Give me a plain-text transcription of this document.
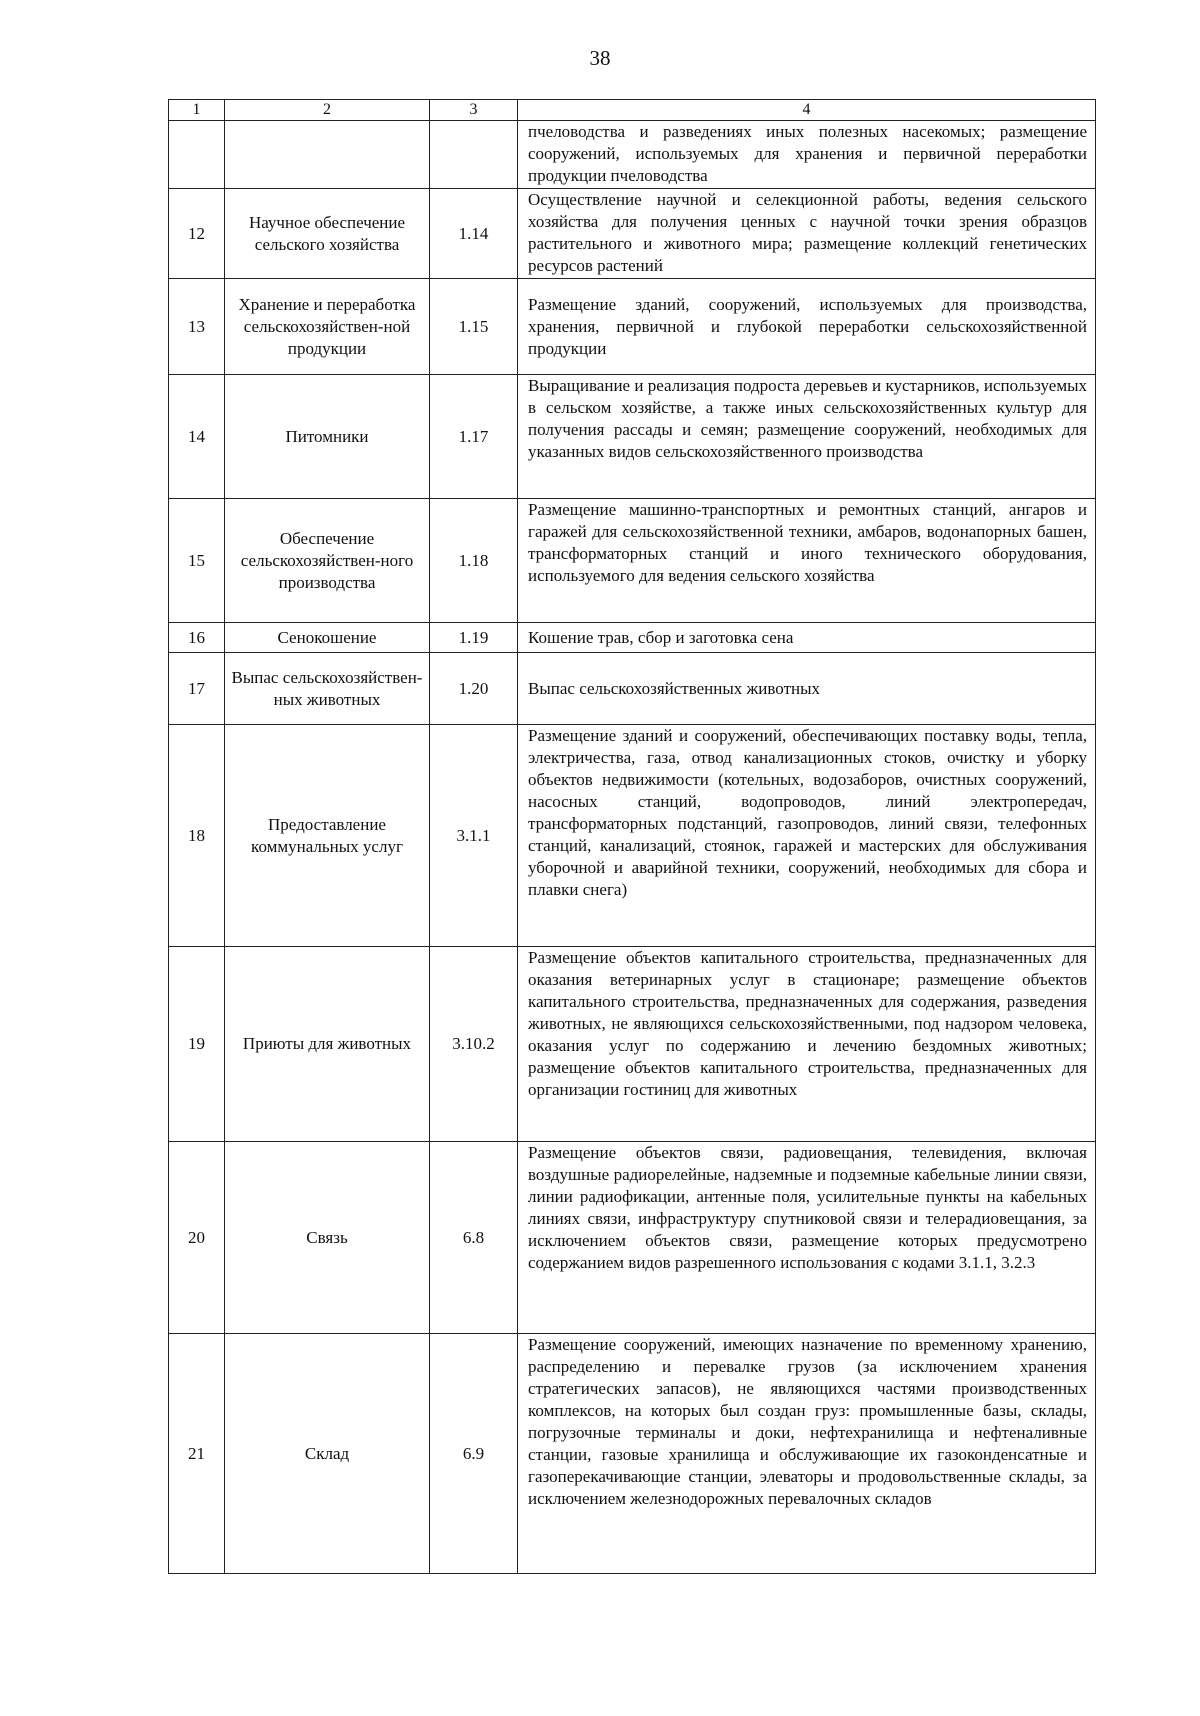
38
1	2	3	4
			пчеловодства и разведениях иных полезных насекомых; размещение сооружений, используемых для хранения и первичной переработки продукции пчеловодства
12	Научное обеспечение сельского хозяйства	1.14	Осуществление научной и селекционной работы, ведения сельского хозяйства для получения ценных с научной точки зрения образцов растительного и животного мира; размещение коллекций генетических ресурсов растений
13	Хранение и переработка сельскохозяйствен-ной продукции	1.15	Размещение зданий, сооружений, используемых для производства, хранения, первичной и глубокой переработки сельскохозяйственной продукции
14	Питомники	1.17	Выращивание и реализация подроста деревьев и кустарников, используемых в сельском хозяйстве, а также иных сельскохозяйственных культур для получения рассады и семян; размещение сооружений, необходимых для указанных видов сельскохозяйственного производства
15	Обеспечение сельскохозяйствен-ного производства	1.18	Размещение машинно-транспортных и ремонтных станций, ангаров и гаражей для сельскохозяйственной техники, амбаров, водонапорных башен, трансформаторных станций и иного технического оборудования, используемого для ведения сельского хозяйства
16	Сенокошение	1.19	Кошение трав, сбор и заготовка сена
17	Выпас сельскохозяйствен-ных животных	1.20	Выпас сельскохозяйственных животных
18	Предоставление коммунальных услуг	3.1.1	Размещение зданий и сооружений, обеспечивающих поставку воды, тепла, электричества, газа, отвод канализационных стоков, очистку и уборку объектов недвижимости (котельных, водозаборов, очистных сооружений, насосных станций, водопроводов, линий электропередач, трансформаторных подстанций, газопроводов, линий связи, телефонных станций, канализаций, стоянок, гаражей и мастерских для обслуживания уборочной и аварийной техники, сооружений, необходимых для сбора и плавки снега)
19	Приюты для животных	3.10.2	Размещение объектов капитального строительства, предназначенных для оказания ветеринарных услуг в стационаре; размещение объектов капитального строительства, предназначенных для содержания, разведения животных, не являющихся сельскохозяйственными, под надзором человека, оказания услуг по содержанию и лечению бездомных животных; размещение объектов капитального строительства, предназначенных для организации гостиниц для животных
20	Связь	6.8	Размещение объектов связи, радиовещания, телевидения, включая воздушные радиорелейные, надземные и подземные кабельные линии связи, линии радиофикации, антенные поля, усилительные пункты на кабельных линиях связи, инфраструктуру спутниковой связи и телерадиовещания, за исключением объектов связи, размещение которых предусмотрено содержанием видов разрешенного использования с кодами 3.1.1, 3.2.3
21	Склад	6.9	Размещение сооружений, имеющих назначение по временному хранению, распределению и перевалке грузов (за исключением хранения стратегических запасов), не являющихся частями производственных комплексов, на которых был создан груз: промышленные базы, склады, погрузочные терминалы и доки, нефтехранилища и нефтеналивные станции, газовые хранилища и обслуживающие их газоконденсатные и газоперекачивающие станции, элеваторы и продовольственные склады, за исключением железнодорожных перевалочных складов
